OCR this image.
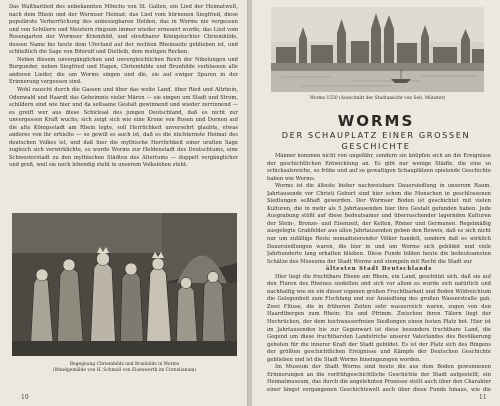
Das Waltharilied des unbekannten Mönchs von St. Gallen, ein Lied der Heimatwelt, nach dem Rhein und der Wormser Heimat; das Lied vom hürnenen Siegfried, diese populärste Verherrlichung des unbesiegbaren Helden, das in Worms nie vergessen und von Schülern und Meistern ringsum immer wieder erneuert wurde; das Lied vom Rosengarten der Wormser Kriemhild, und streitbarer Königstochter Chriemhilde, dessen Name bis heute dem Uferland auf der rechten Rheinseite geblieben ist, und schließlich die Sage von Biterolf und Dietleib, dem mutigen Recken.

Neben diesem unvergänglichen und unvergleichlichen Reich der Nibelungen und Burgunder, neben Siegfried und Hagen, Chriemhilde und Brunhilde verblassen alle anderen Lieder, die um Worms singen und die, sie auf ewiger Spuren in der Erinnerung vergessen sind.

Wohl rauscht durch die Gassen und über das weite Land, über Ried und Altrhein, Odenwald und Haardt das Geheimnis vieler Mären — sie singen um Stadt und Strom, schildern sind wie hier und da seltsame Gestalt gewinnend und wieder zerrinnend — es greift wer aus diese Schicksal des jungen Deutschland, daß es nicht zur unvergessen Kraft wuchs; sich zeigt sich wie eine Krone von Rosen und Dornen auf die alte Königsstadt am Rhein legte, soll Herrlichkeit unversehrt glaubte, etwas anderes von ihr erhielte — so gewiß es auch ist, daß es die nüchternste Heimat des deutschen Volkes ist, und daß hier die mythische Herrlichkeit einer uralten Sage zugleich sich verwirklichte, so wurde Worms zur Heldenstadt des Deutschtums, eine Schwesterstadt zu den mythischen Städten des Altertums — doppelt vergänglicher und groß, weil sie noch lebendig steht in unserem Volksleben steht.

Begegnung Chriemhilds und Brunhilds in Worms
(Wandgemälde von H. Schmoll von Eisenwerth im Cornelianum)
10
Worms 1550 (Ausschnitt der Stadtansicht von Seb. Münster)
WORMS
DER SCHAUPLATZ EINER GROSSEN
GESCHICHTE

Männer kommen nicht von ungefähr, sondern sie knüpfen sich an die Ereignisse der geschichtlichen Entwicklung an. Es gibt nur wenige Städte, die eine so schicksalsreiche, so frühe und auf so gewaltigen Schauplätzen spielende Geschichte haben wie Worms.

Worms ist die älteste bisher nachweisbare Dauersiedlung in unserem Raum. Jahrtausende vor Christi Geburt sind hier schon die Menschen in geschlossenen Siedlungen seßhaft geworden. Der Wormser Boden ist geschichtet mit vielen Kulturen, die in mehr als 5 Jahrtausenden hier ihre Gestalt gefunden haben. Jede Ausgrabung stößt auf diese bedeutsamer und überraschender lagernden Kulturen der Stein-, Bronze- und Eisenzeit, der Kelten, Römer und Germanen. Regelmäßig ausgelegte Grabfelder aus allen Jahrtausenden geben den Beweis, daß es sich nicht nur um zufällige Reste nomadisierender Völker handelt, sondern daß es wirklich Dauersiedlungen waren, die hier in und um Worms sich gebildet und viele Jahrhunderte lang erhalten blieben. Diese Funde bilden heute die bedeutsamsten Schätze des Museums der Stadt Worms und stempeln mit Recht die Stadt zur

ältesten Stadt Deutschlands

Hier liegt die fruchtbare Ebene am Rhein, ein Land, geschützt sich, daß sie auf den Fluren des Rheines siedelten und sich vor allem es wurde sich natürlich und nachhaltig wie sie ein dieser eigenen großen Fruchtbarkeit und Boden Wildreichtum die Gelegenheit zum Fischfang und zur Ansiedlung des großen Wasserstraße gab. Zwei Flüsse, die in früheren Zeiten sehr wasserreich waren, zogen von den Haardtbergen zum Rhein: Eis und Pfrimm. Zwischen ihren Tälern liegt der Hochrücken, der dem hochwasserfreien Siedlungen einen festen Platz bot. Hier ist im Jahrtausenden bis zur Gegenwart ist diese besonders fruchtbare Land, die Gegend um diese fruchtbarsten Landstriche unserer Vaterlandes des Bevölkerung geboten für die innerer Kraft der Stadt gebildet. Es ist der Platz sich des Ringens der größten geschichtlichen Ereignisse und Kämpfe der Deutschen Geschichte geblieben und ist die Stadt Worms hineingezogen worden.

Im Museum der Stadt Worms sind heute die aus dem Boden gewonnenen Erinnerungen an die vorfrühgeschichtliche Geschichte der Stadt aufgestellt; ein Heimatmuseum, das durch die angelehnten Prozesse stellt auch über den Charakter einer längst vergangenen Geschichtswelt auch über diese Funde hinaus, wie die

11
